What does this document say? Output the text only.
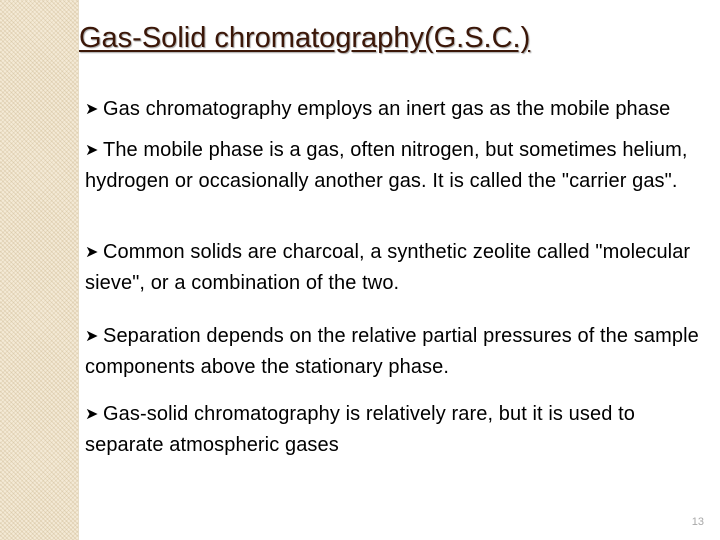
Gas-Solid chromatography(G.S.C.)

➤ Gas chromatography employs an inert gas as the mobile phase

➤ The mobile phase is a gas, often nitrogen, but sometimes helium, hydrogen or occasionally another gas. It is called the "carrier gas".

➤ Common solids are charcoal, a synthetic zeolite called "molecular sieve", or a combination of the two.

➤ Separation depends on the relative partial pressures of the sample components above the stationary phase.

➤ Gas-solid chromatography is relatively rare, but it is used to separate atmospheric gases

13
